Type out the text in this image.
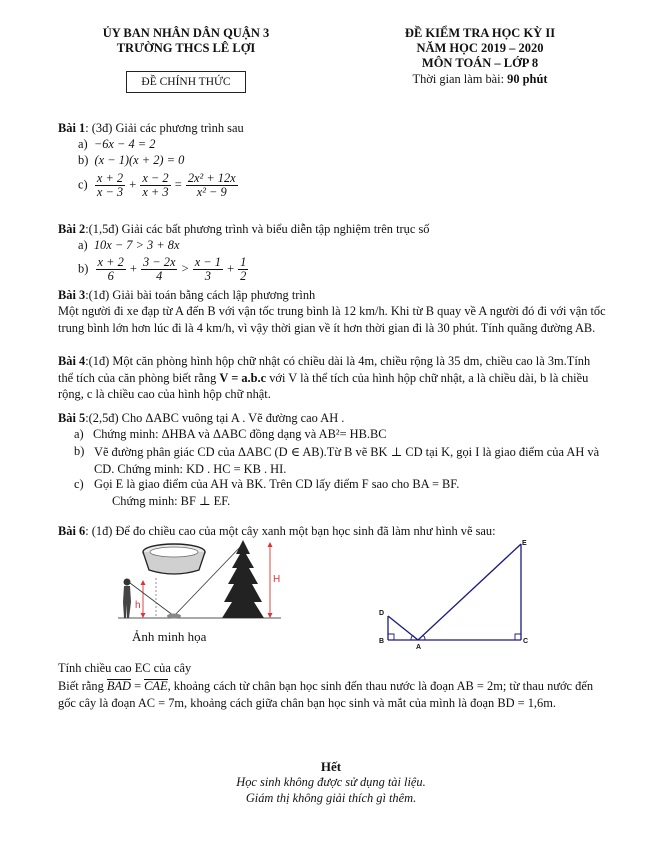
ỦY BAN NHÂN DÂN QUẬN 3
TRƯỜNG THCS LÊ LỢI
ĐỀ CHÍNH THỨC
ĐỀ KIỂM TRA HỌC KỲ II
NĂM HỌC 2019 – 2020
MÔN TOÁN – LỚP 8
Thời gian làm bài: 90 phút
Bài 1: (3đ) Giải các phương trình sau
a) −6x − 4 = 2
b) (x − 1)(x + 2) = 0
$c) \frac{x + 2}{x - 3} + \frac{x - 2}{x + 3} = \frac{\text{2x² + 12x}}{\text{x² − 9}}$
Bài 2:(1,5đ) Giải các bất phương trình và biểu diễn tập nghiệm trên trục số
a) 10x − 7 > 3 + 8x
$b) \frac{x + 2}{6} + \frac{3 - 2x}{4} > \frac{x - 1}{3} + \frac{1}{2}$
Bài 3:(1đ) Giải bài toán bằng cách lập phương trình
Một người đi xe đạp từ A đến B với vận tốc trung bình là 12 km/h. Khi từ B quay về A người đó đi với vận tốc trung bình lớn hơn lúc đi là 4 km/h, vì vậy thời gian về ít hơn thời gian đi là 30 phút. Tính quãng đường AB.
Bài 4:(1đ) Một căn phòng hình hộp chữ nhật có chiều dài là 4m, chiều rộng là 35 dm, chiều cao là 3m.Tính thể tích của căn phòng biết rằng V = a.b.c với V là thể tích của hình hộp chữ nhật, a là chiều dài, b là chiều rộng, c là chiều cao của hình hộp chữ nhật.
Bài 5:(2,5đ) Cho ΔABC vuông tại A . Vẽ đường cao AH .
a) Chứng minh: ΔHBA và ΔABC đồng dạng và AB²= HB.BC
b) Vẽ đường phân giác CD của ΔABC (D ∈ AB).Từ B vẽ BK ⊥ CD tại K, gọi I là giao điểm của AH và CD. Chứng minh: KD . HC = KB . HI.
c) Gọi E là giao điểm của AH và BK. Trên CD lấy điểm F sao cho BA = BF.
Chứng minh: BF ⊥ EF.
Bài 6: (1đ) Để đo chiều cao của một cây xanh một bạn học sinh đã làm như hình vẽ sau:
h
H
Ảnh minh họa
E
D
B
A
C
Tính chiều cao EC của cây
Biết rằng BAD = CAE, khoảng cách từ chân bạn học sinh đến thau nước là đoạn AB = 2m; từ thau nước đến gốc cây là đoạn AC = 7m, khoảng cách giữa chân bạn học sinh và mắt của mình là đoạn BD = 1,6m.
Hết
Học sinh không được sử dụng tài liệu.
Giám thị không giải thích gì thêm.
